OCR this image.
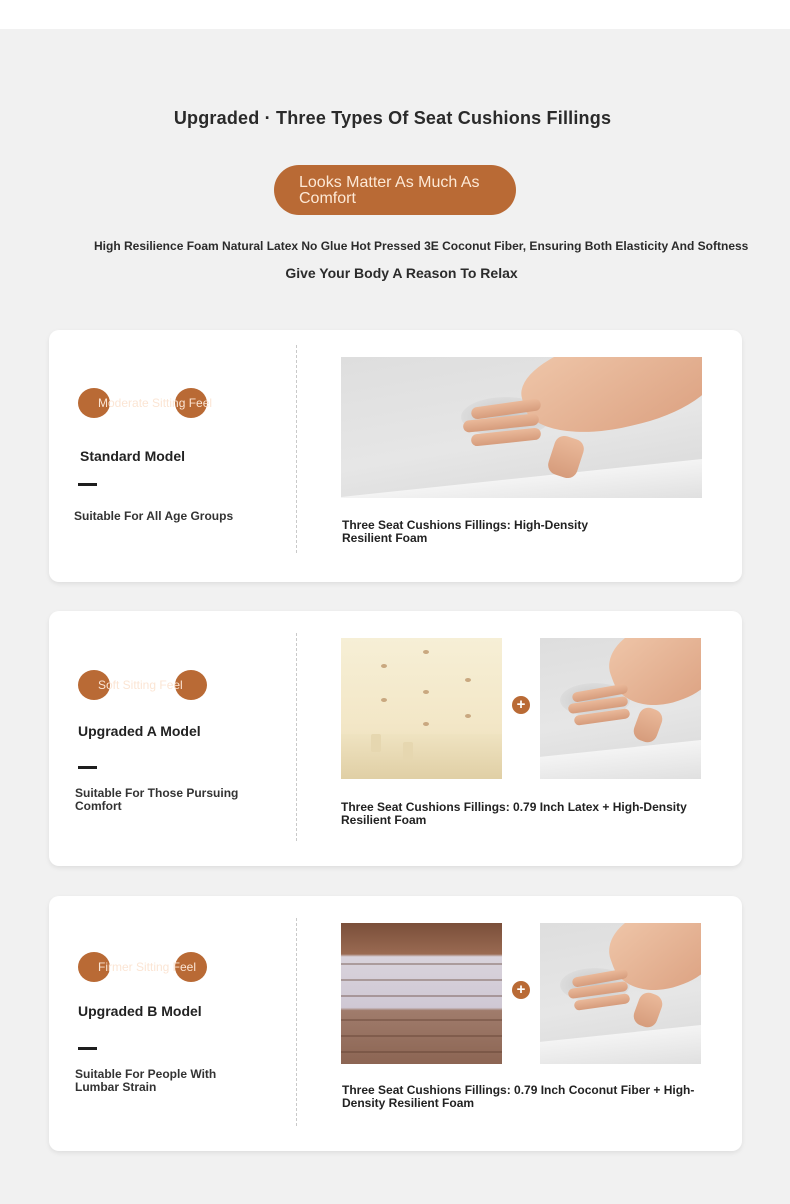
Upgraded · Three Types Of Seat Cushions Fillings
Looks Matter As Much As Comfort
High Resilience Foam Natural Latex No Glue Hot Pressed 3E Coconut Fiber, Ensuring Both Elasticity And Softness
Give Your Body A Reason To Relax
Moderate Sitting Feel
Standard Model
Suitable For All Age Groups
Three Seat Cushions Fillings: High-Density Resilient Foam
Soft Sitting Feel
Upgraded A Model
Suitable For Those Pursuing Comfort
+
Three Seat Cushions Fillings: 0.79 Inch Latex + High-Density Resilient Foam
Firmer Sitting Feel
Upgraded B Model
Suitable For People With Lumbar Strain
+
Three Seat Cushions Fillings: 0.79 Inch Coconut Fiber + High-Density Resilient Foam
